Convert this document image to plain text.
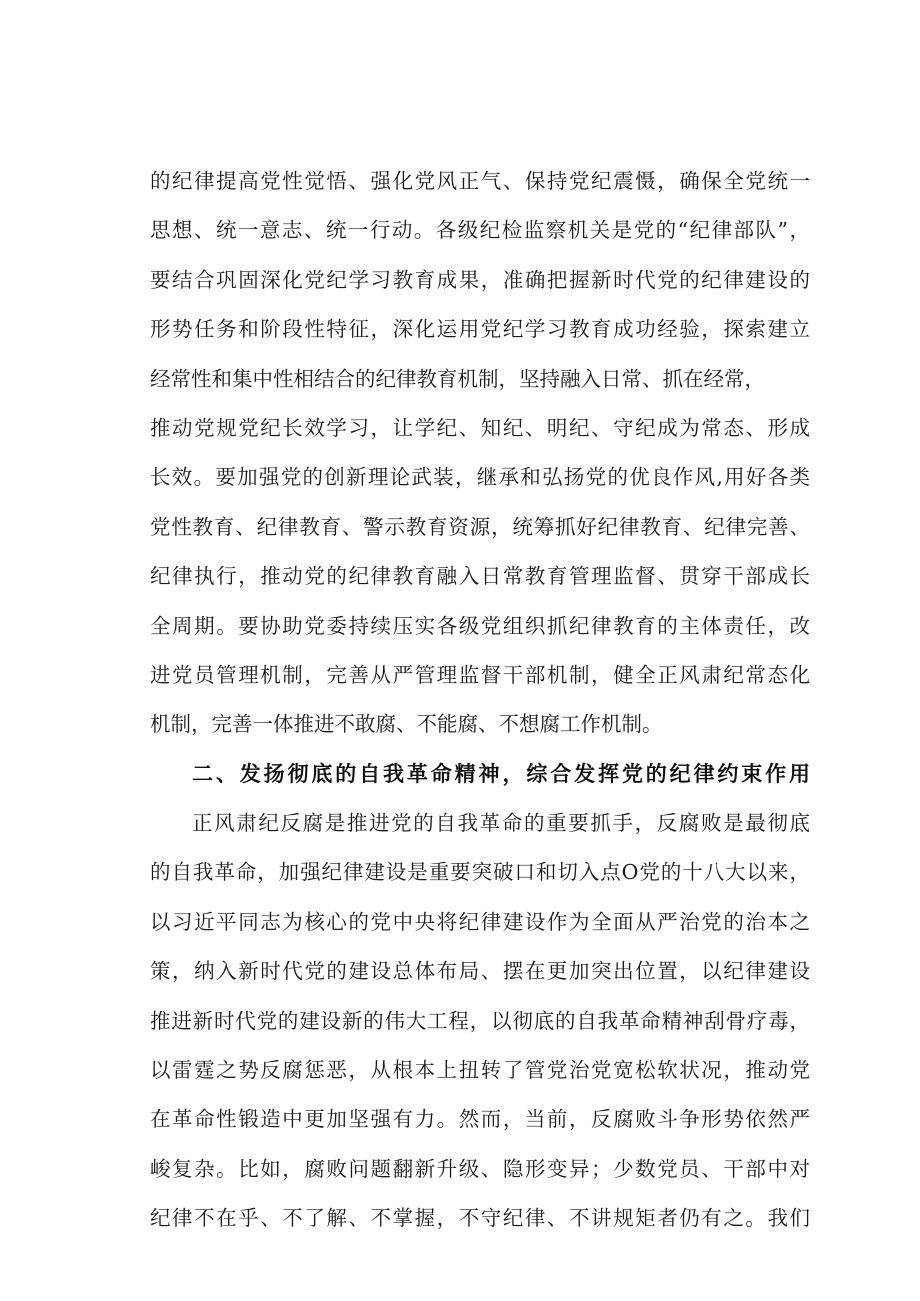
的纪律提高党性觉悟、强化党风正气、保持党纪震慑，确保全党统一
思想、统一意志、统一行动。各级纪检监察机关是党的“纪律部队”，
要结合巩固深化党纪学习教育成果，准确把握新时代党的纪律建设的
形势任务和阶段性特征，深化运用党纪学习教育成功经验，探索建立
经常性和集中性相结合的纪律教育机制，坚持融入日常、抓在经常，
推动党规党纪长效学习，让学纪、知纪、明纪、守纪成为常态、形成
长效。要加强党的创新理论武装，继承和弘扬党的优良作风,用好各类
党性教育、纪律教育、警示教育资源，统筹抓好纪律教育、纪律完善、
纪律执行，推动党的纪律教育融入日常教育管理监督、贯穿干部成长
全周期。要协助党委持续压实各级党组织抓纪律教育的主体责任，改
进党员管理机制，完善从严管理监督干部机制，健全正风肃纪常态化
机制，完善一体推进不敢腐、不能腐、不想腐工作机制。
二、发扬彻底的自我革命精神，综合发挥党的纪律约束作用
正风肃纪反腐是推进党的自我革命的重要抓手，反腐败是最彻底
的自我革命，加强纪律建设是重要突破口和切入点O党的十八大以来，
以习近平同志为核心的党中央将纪律建设作为全面从严治党的治本之
策，纳入新时代党的建设总体布局、摆在更加突出位置，以纪律建设
推进新时代党的建设新的伟大工程，以彻底的自我革命精神刮骨疗毒，
以雷霆之势反腐惩恶，从根本上扭转了管党治党宽松软状况，推动党
在革命性锻造中更加坚强有力。然而，当前，反腐败斗争形势依然严
峻复杂。比如，腐败问题翻新升级、隐形变异；少数党员、干部中对
纪律不在乎、不了解、不掌握，不守纪律、不讲规矩者仍有之。我们
